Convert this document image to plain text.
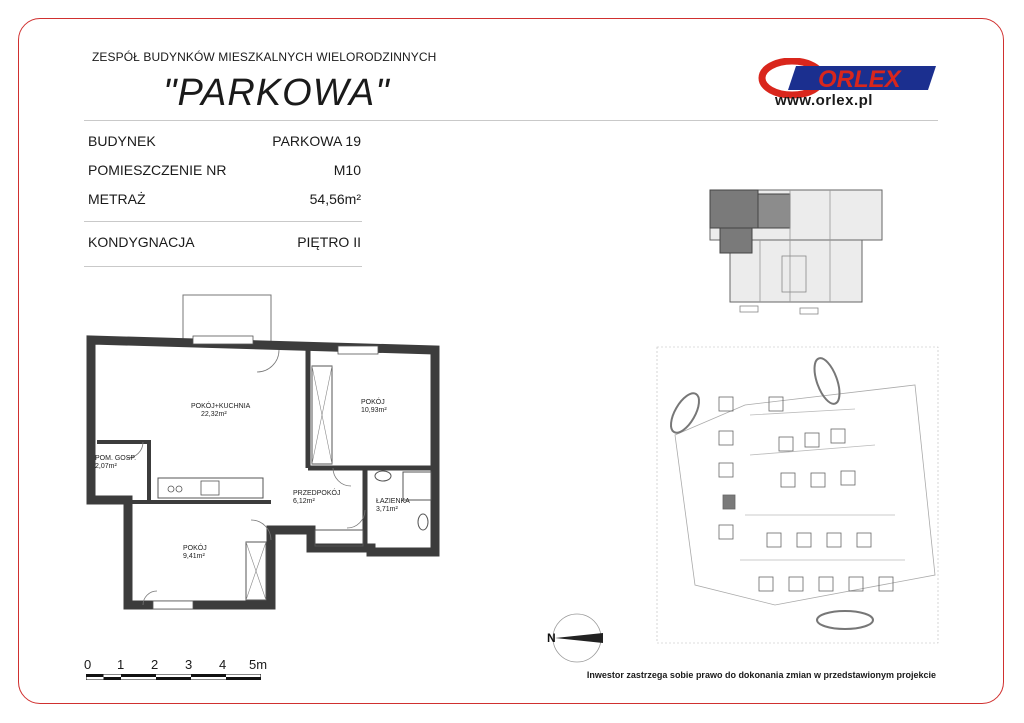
ZESPÓŁ BUDYNKÓW MIESZKALNYCH WIELORODZINNYCH
"PARKOWA"	ORLEX
www.orlex.pl
BUDYNEK	PARKOWA 19
POMIESZCZENIE NR	M10
METRAŻ	54,56m²
KONDYGNACJA	PIĘTRO II
POKÓJ+KUCHNIA
22,32m²
POKÓJ
10,93m²
POM. GOSP.
2,07m²
PRZEDPOKÓJ
6,12m²	ŁAZIENKA
3,71m²
POKÓJ
9,41m²
N
0 1 2 3 4 5m
Inwestor zastrzega sobie prawo do dokonania zmian w przedstawionym projekcie
